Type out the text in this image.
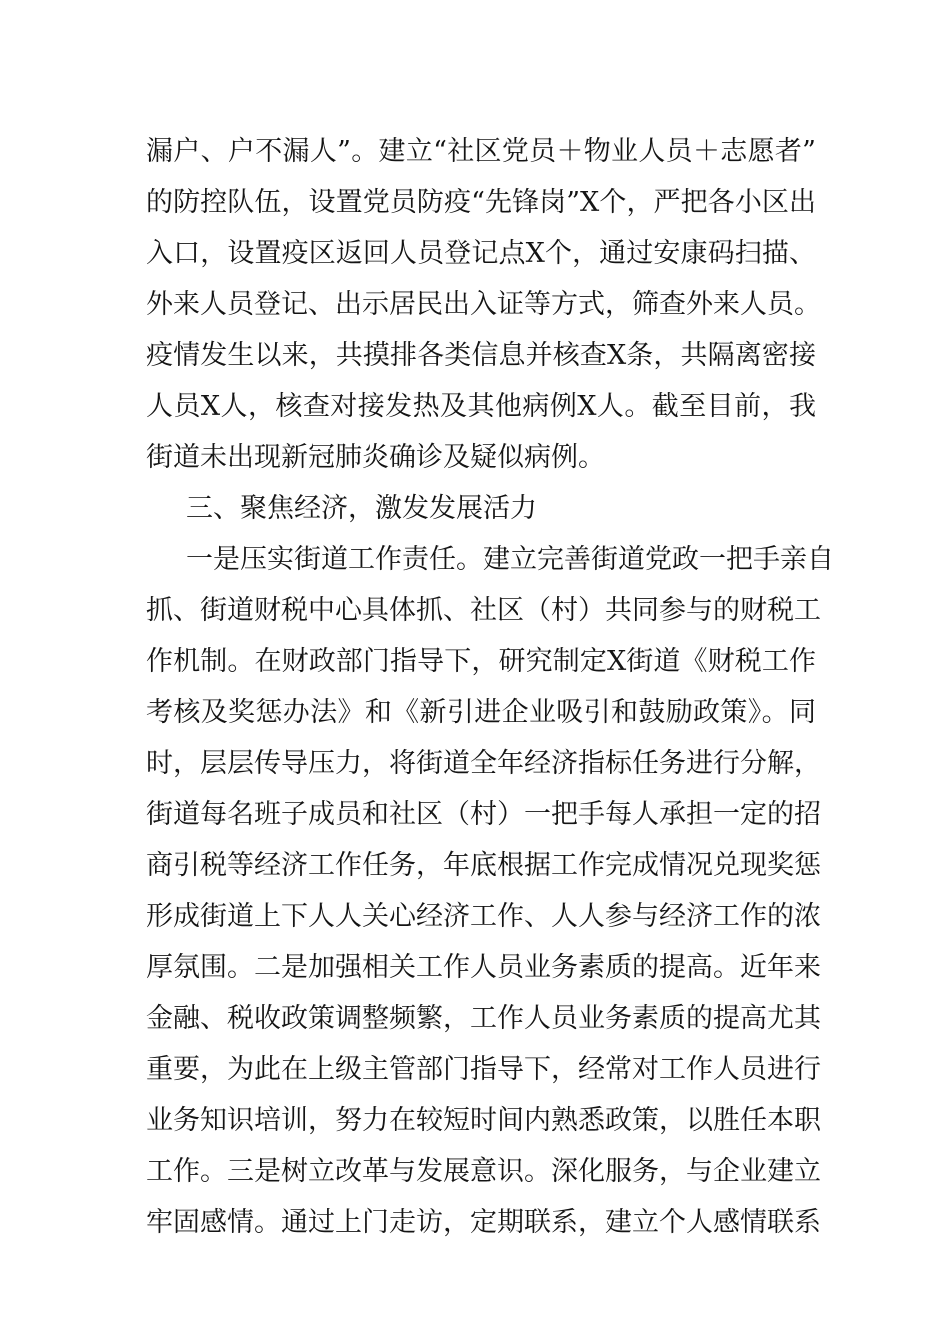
漏户、户不漏人”。建立“社区党员＋物业人员＋志愿者”
的防控队伍，设置党员防疫“先锋岗”X个，严把各小区出
入口，设置疫区返回人员登记点X个，通过安康码扫描、
外来人员登记、出示居民出入证等方式，筛查外来人员。
疫情发生以来，共摸排各类信息并核查X条，共隔离密接
人员X人，核查对接发热及其他病例X人。截至目前，我
街道未出现新冠肺炎确诊及疑似病例。
三、聚焦经济，激发发展活力
一是压实街道工作责任。建立完善街道党政一把手亲自
抓、街道财税中心具体抓、社区（村）共同参与的财税工
作机制。在财政部门指导下，研究制定X街道《财税工作
考核及奖惩办法》和《新引进企业吸引和鼓励政策》。同
时，层层传导压力，将街道全年经济指标任务进行分解，
街道每名班子成员和社区（村）一把手每人承担一定的招
商引税等经济工作任务，年底根据工作完成情况兑现奖惩
形成街道上下人人关心经济工作、人人参与经济工作的浓
厚氛围。二是加强相关工作人员业务素质的提高。近年来
金融、税收政策调整频繁，工作人员业务素质的提高尤其
重要，为此在上级主管部门指导下，经常对工作人员进行
业务知识培训，努力在较短时间内熟悉政策，以胜任本职
工作。三是树立改革与发展意识。深化服务，与企业建立
牢固感情。通过上门走访，定期联系，建立个人感情联系
